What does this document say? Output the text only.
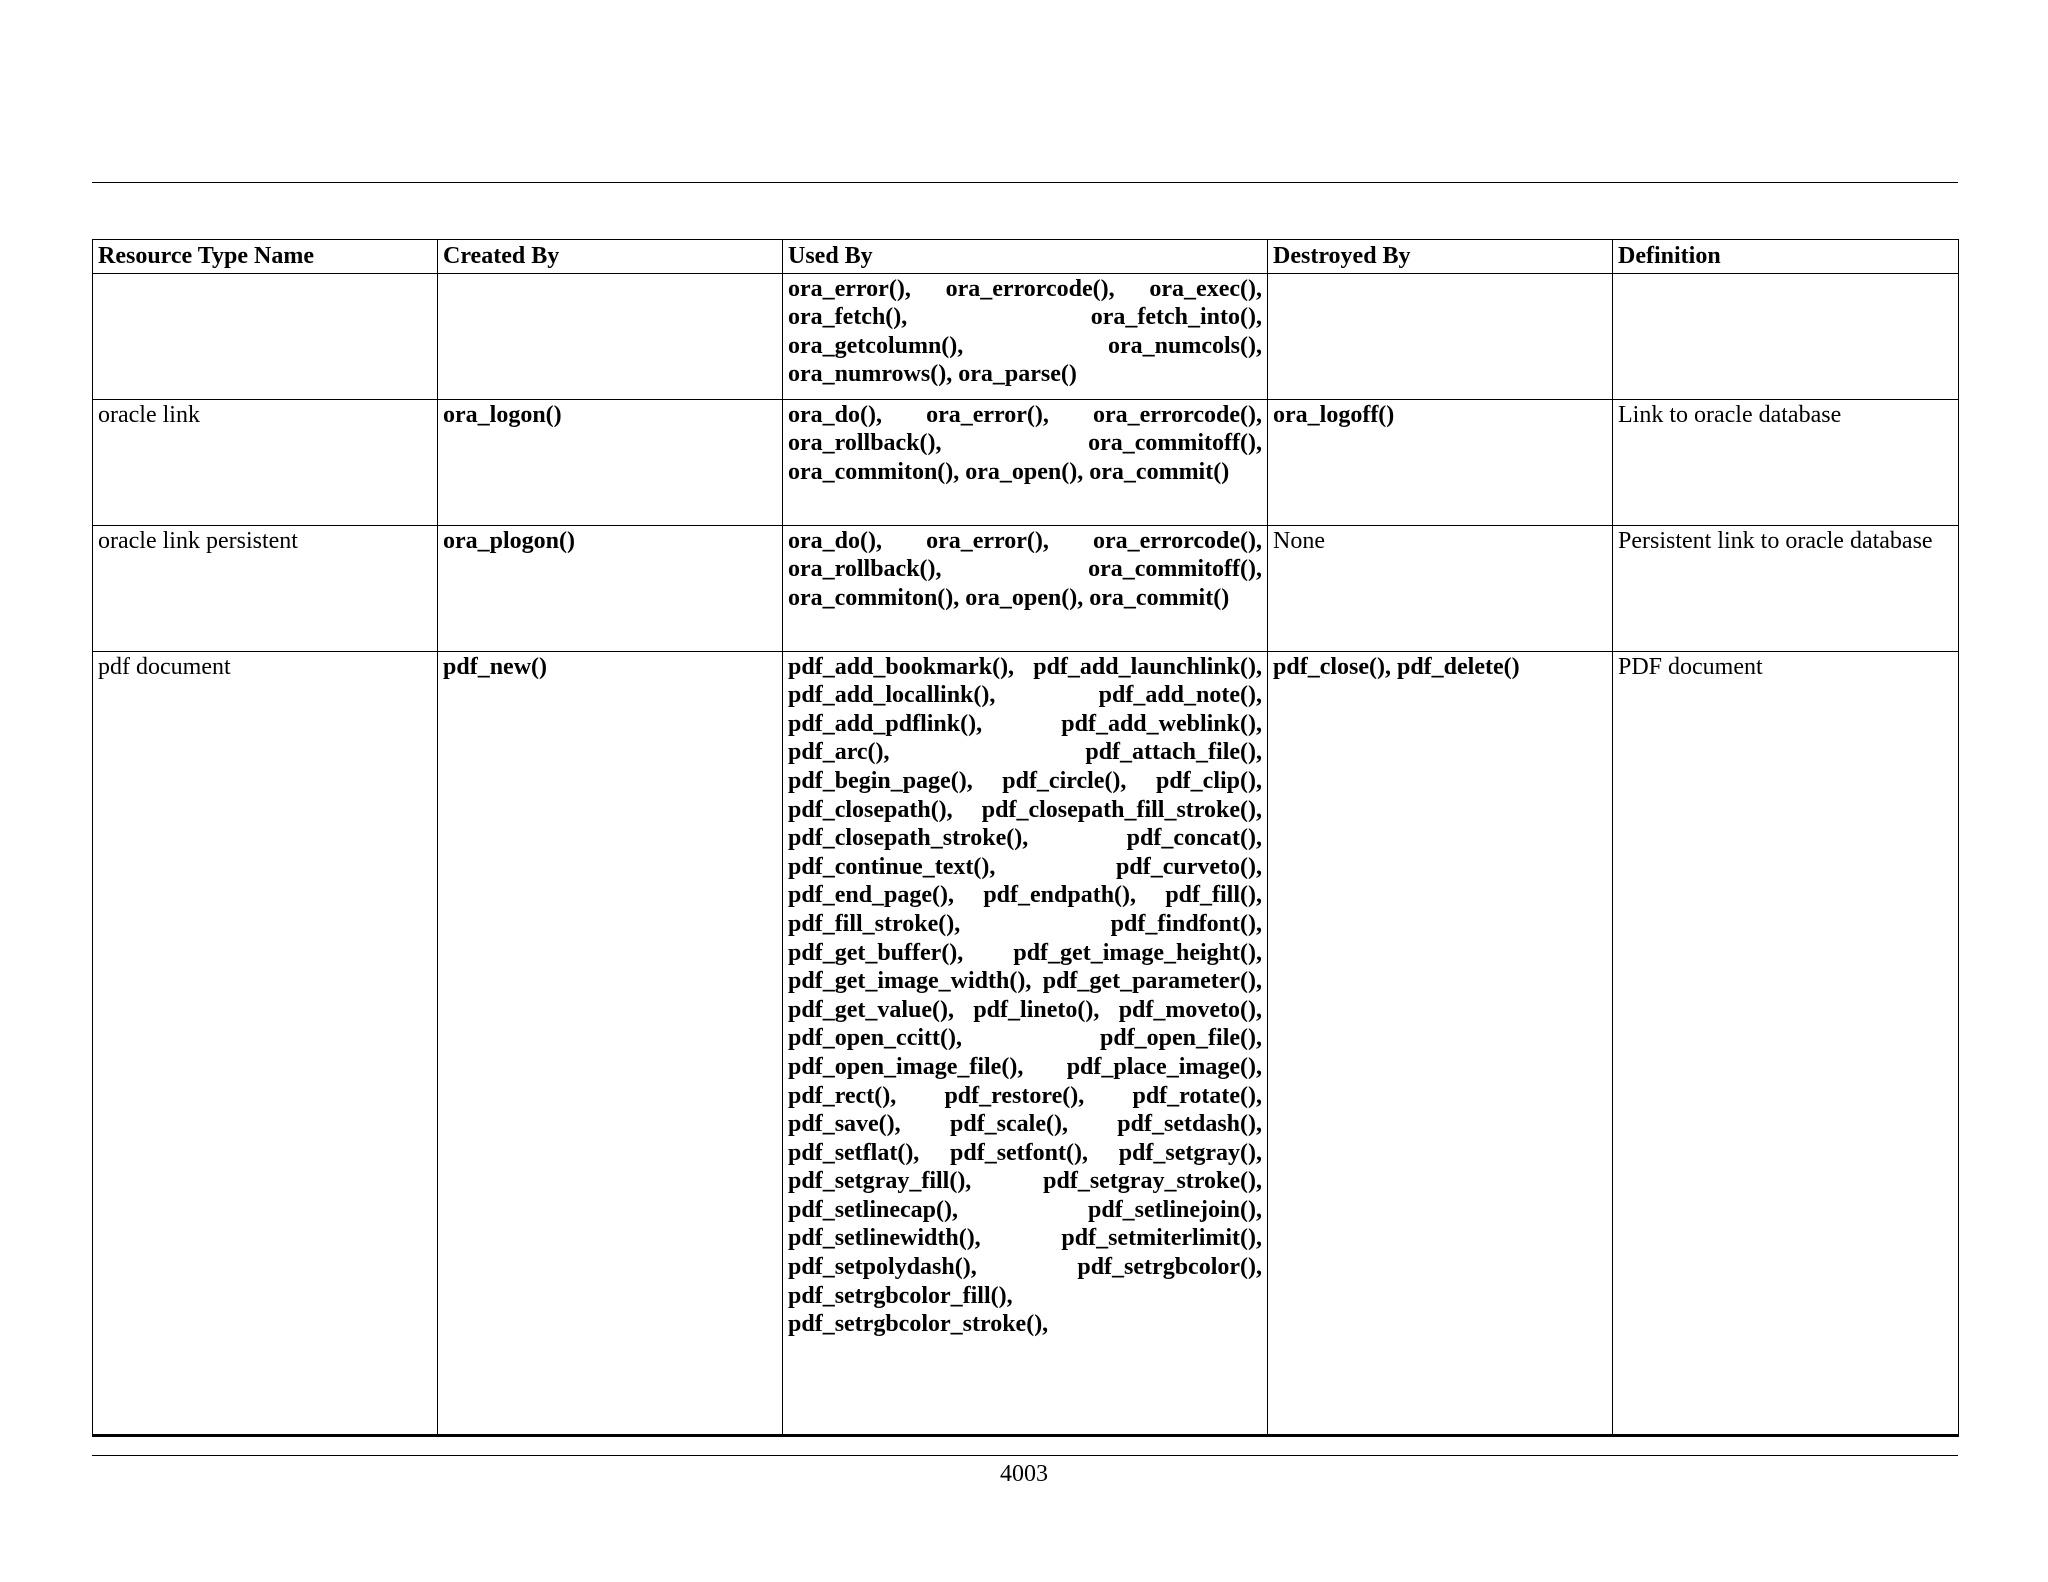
Resource Type Name	Created By	Used By	Destroyed By	Definition
		ora_error(), ora_errorcode(), ora_exec(), ora_fetch(), ora_fetch_into(), ora_getcolumn(), ora_numcols(), ora_numrows(), ora_parse()		
oracle link	ora_logon()	ora_do(), ora_error(), ora_errorcode(), ora_rollback(), ora_commitoff(), ora_commiton(), ora_open(), ora_commit()	ora_logoff()	Link to oracle database
oracle link persistent	ora_plogon()	ora_do(), ora_error(), ora_errorcode(), ora_rollback(), ora_commitoff(), ora_commiton(), ora_open(), ora_commit()	None	Persistent link to oracle database
pdf document	pdf_new()	pdf_add_bookmark(), pdf_add_launchlink(), pdf_add_locallink(), pdf_add_note(), pdf_add_pdflink(), pdf_add_weblink(), pdf_arc(), pdf_attach_file(), pdf_begin_page(), pdf_circle(), pdf_clip(), pdf_closepath(), pdf_closepath_fill_stroke(), pdf_closepath_stroke(), pdf_concat(), pdf_continue_text(), pdf_curveto(), pdf_end_page(), pdf_endpath(), pdf_fill(), pdf_fill_stroke(), pdf_findfont(), pdf_get_buffer(), pdf_get_image_height(), pdf_get_image_width(), pdf_get_parameter(), pdf_get_value(), pdf_lineto(), pdf_moveto(), pdf_open_ccitt(), pdf_open_file(), pdf_open_image_file(), pdf_place_image(), pdf_rect(), pdf_restore(), pdf_rotate(), pdf_save(), pdf_scale(), pdf_setdash(), pdf_setflat(), pdf_setfont(), pdf_setgray(), pdf_setgray_fill(), pdf_setgray_stroke(), pdf_setlinecap(), pdf_setlinejoin(), pdf_setlinewidth(), pdf_setmiterlimit(), pdf_setpolydash(), pdf_setrgbcolor(), pdf_setrgbcolor_fill(), pdf_setrgbcolor_stroke(),	pdf_close(), pdf_delete()	PDF document
4003
